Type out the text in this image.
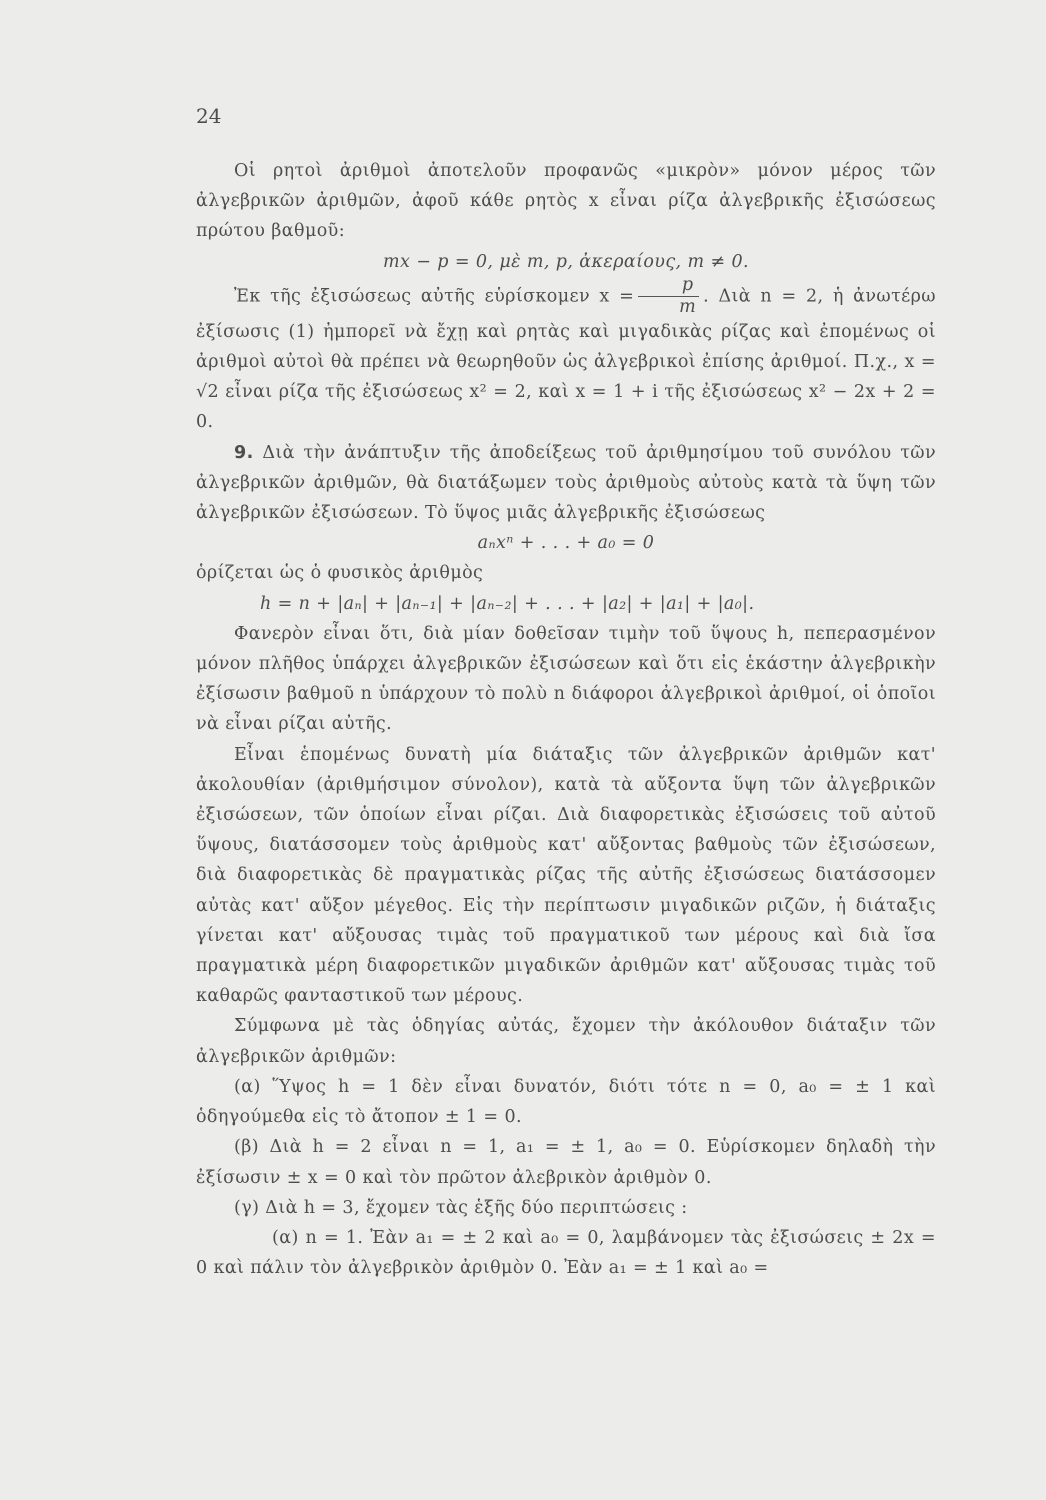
24

Οἱ ρητοὶ ἀριθμοὶ ἀποτελοῦν προφανῶς «μικρὸν» μόνον μέρος τῶν ἀλγεβρικῶν ἀριθμῶν, ἀφοῦ κάθε ρητὸς x εἶναι ρίζα ἀλγεβρικῆς ἐξισώσεως πρώτου βαθμοῦ:

mx − p = 0, μὲ m, p, ἀκεραίους, m ≠ 0.

Ἐκ τῆς ἐξισώσεως αὐτῆς εὑρίσκομεν $x = \frac{p}{m}$ . Διὰ n = 2, ἡ ἀνωτέρω ἐξίσωσις (1) ἠμπορεῖ νὰ ἔχῃ καὶ ρητὰς καὶ μιγαδικὰς ρίζας καὶ ἐπομένως οἱ ἀριθμοὶ αὐτοὶ θὰ πρέπει νὰ θεωρηθοῦν ὡς ἀλγεβρικοὶ ἐπίσης ἀριθμοί. Π.χ., x = √2 εἶναι ρίζα τῆς ἐξισώσεως x² = 2, καὶ x = 1 + i τῆς ἐξισώσεως x² − 2x + 2 = 0.

9. Διὰ τὴν ἀνάπτυξιν τῆς ἀποδείξεως τοῦ ἀριθμησίμου τοῦ συνόλου τῶν ἀλγεβρικῶν ἀριθμῶν, θὰ διατάξωμεν τοὺς ἀριθμοὺς αὐτοὺς κατὰ τὰ ὕψη τῶν ἀλγεβρικῶν ἐξισώσεων. Τὸ ὕψος μιᾶς ἀλγεβρικῆς ἐξισώσεως

aₙxⁿ + . . . + a₀ = 0

ὁρίζεται ὡς ὁ φυσικὸς ἀριθμὸς

h = n + |aₙ| + |aₙ₋₁| + |aₙ₋₂| + . . . + |a₂| + |a₁| + |a₀|.

Φανερὸν εἶναι ὅτι, διὰ μίαν δοθεῖσαν τιμὴν τοῦ ὕψους h, πεπερασμένον μόνον πλῆθος ὑπάρχει ἀλγεβρικῶν ἐξισώσεων καὶ ὅτι εἰς ἑκάστην ἀλγεβρικὴν ἐξίσωσιν βαθμοῦ n ὑπάρχουν τὸ πολὺ n διάφοροι ἀλγεβρικοὶ ἀριθμοί, οἱ ὁποῖοι νὰ εἶναι ρίζαι αὐτῆς.

Εἶναι ἑπομένως δυνατὴ μία διάταξις τῶν ἀλγεβρικῶν ἀριθμῶν κατ' ἀκολουθίαν (ἀριθμήσιμον σύνολον), κατὰ τὰ αὔξοντα ὕψη τῶν ἀλγεβρικῶν ἐξισώσεων, τῶν ὁποίων εἶναι ρίζαι. Διὰ διαφορετικὰς ἐξισώσεις τοῦ αὐτοῦ ὕψους, διατάσσομεν τοὺς ἀριθμοὺς κατ' αὔξοντας βαθμοὺς τῶν ἐξισώσεων, διὰ διαφορετικὰς δὲ πραγματικὰς ρίζας τῆς αὐτῆς ἐξισώσεως διατάσσομεν αὐτὰς κατ' αὔξον μέγεθος. Εἰς τὴν περίπτωσιν μιγαδικῶν ριζῶν, ἡ διάταξις γίνεται κατ' αὔξουσας τιμὰς τοῦ πραγματικοῦ των μέρους καὶ διὰ ἴσα πραγματικὰ μέρη διαφορετικῶν μιγαδικῶν ἀριθμῶν κατ' αὔξουσας τιμὰς τοῦ καθαρῶς φανταστικοῦ των μέρους.

Σύμφωνα μὲ τὰς ὁδηγίας αὐτάς, ἔχομεν τὴν ἀκόλουθον διάταξιν τῶν ἀλγεβρικῶν ἀριθμῶν:

(α) Ὕψος h = 1 δὲν εἶναι δυνατόν, διότι τότε n = 0, a₀ = ± 1 καὶ ὁδηγούμεθα εἰς τὸ ἄτοπον ± 1 = 0.

(β) Διὰ h = 2 εἶναι n = 1, a₁ = ± 1, a₀ = 0. Εὑρίσκομεν δηλαδὴ τὴν ἐξίσωσιν ± x = 0 καὶ τὸν πρῶτον ἀλεβρικὸν ἀριθμὸν 0.

(γ) Διὰ h = 3, ἔχομεν τὰς ἑξῆς δύο περιπτώσεις :

(α) n = 1. Ἐὰν a₁ = ± 2 καὶ a₀ = 0, λαμβάνομεν τὰς ἐξισώσεις ± 2x = 0 καὶ πάλιν τὸν ἀλγεβρικὸν ἀριθμὸν 0. Ἐὰν a₁ = ± 1 καὶ a₀ =
